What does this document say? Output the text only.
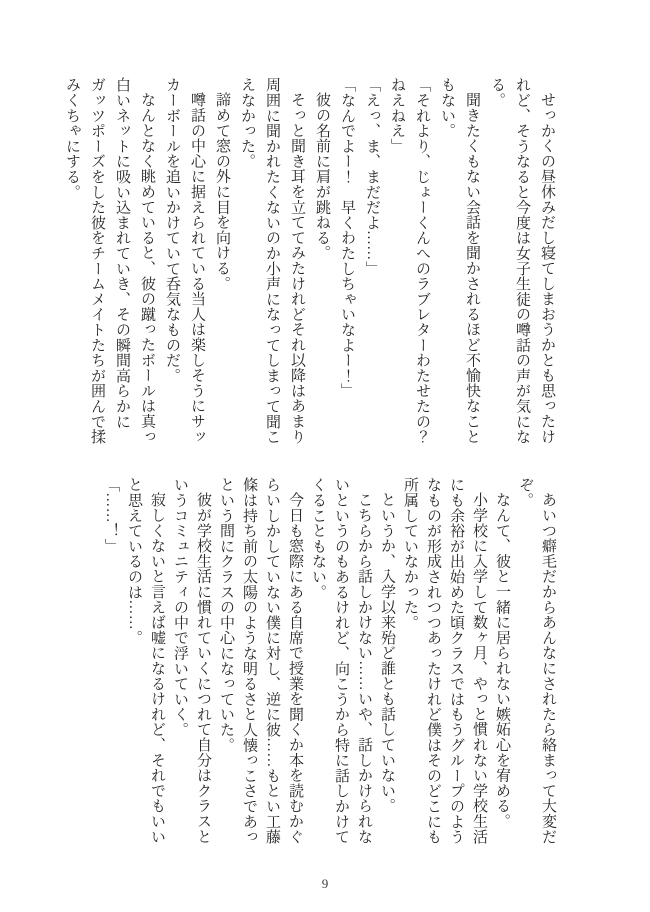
せっかくの昼休みだし寝てしまおうかとも思ったけれど、そうなると今度は女子生徒の噂話の声が気になる。

聞きたくもない会話を聞かされるほど不愉快なこともない。

「それより、じょーくんへのラブレターわたせたの？　ねえねえ」

「えっ、ま、まだだよ……」

「なんでよー！　早くわたしちゃいなよー！」

彼の名前に肩が跳ねる。

そっと聞き耳を立ててみたけれどそれ以降はあまり周囲に聞かれたくないのか小声になってしまって聞こえなかった。

諦めて窓の外に目を向ける。

噂話の中心に据えられている当人は楽しそうにサッカーボールを追いかけていて呑気なものだ。

なんとなく眺めていると、彼の蹴ったボールは真っ白いネットに吸い込まれていき、その瞬間高らかにガッツポーズをした彼をチームメイトたちが囲んで揉みくちゃにする。

あいつ癖毛だからあんなにされたら絡まって大変だぞ。

なんて、彼と一緒に居られない嫉妬心を宥める。

小学校に入学して数ヶ月、やっと慣れない学校生活にも余裕が出始めた頃クラスではもうグループのようなものが形成されつつあったけれど僕はそのどこにも所属していなかった。

というか、入学以来殆ど誰とも話していない。

こちらから話しかけない……いや、話しかけられないというのもあるけれど、向こうから特に話しかけてくることもない。

今日も窓際にある自席で授業を聞くか本を読むかぐらいしかしていない僕に対し、逆に彼……もとい工藤條は持ち前の太陽のような明るさと人懐っこさであっという間にクラスの中心になっていた。

彼が学校生活に慣れていくにつれて自分はクラスというコミュニティの中で浮いていく。

寂しくないと言えば嘘になるけれど、それでもいいと思えているのは……。

「……！」

9
